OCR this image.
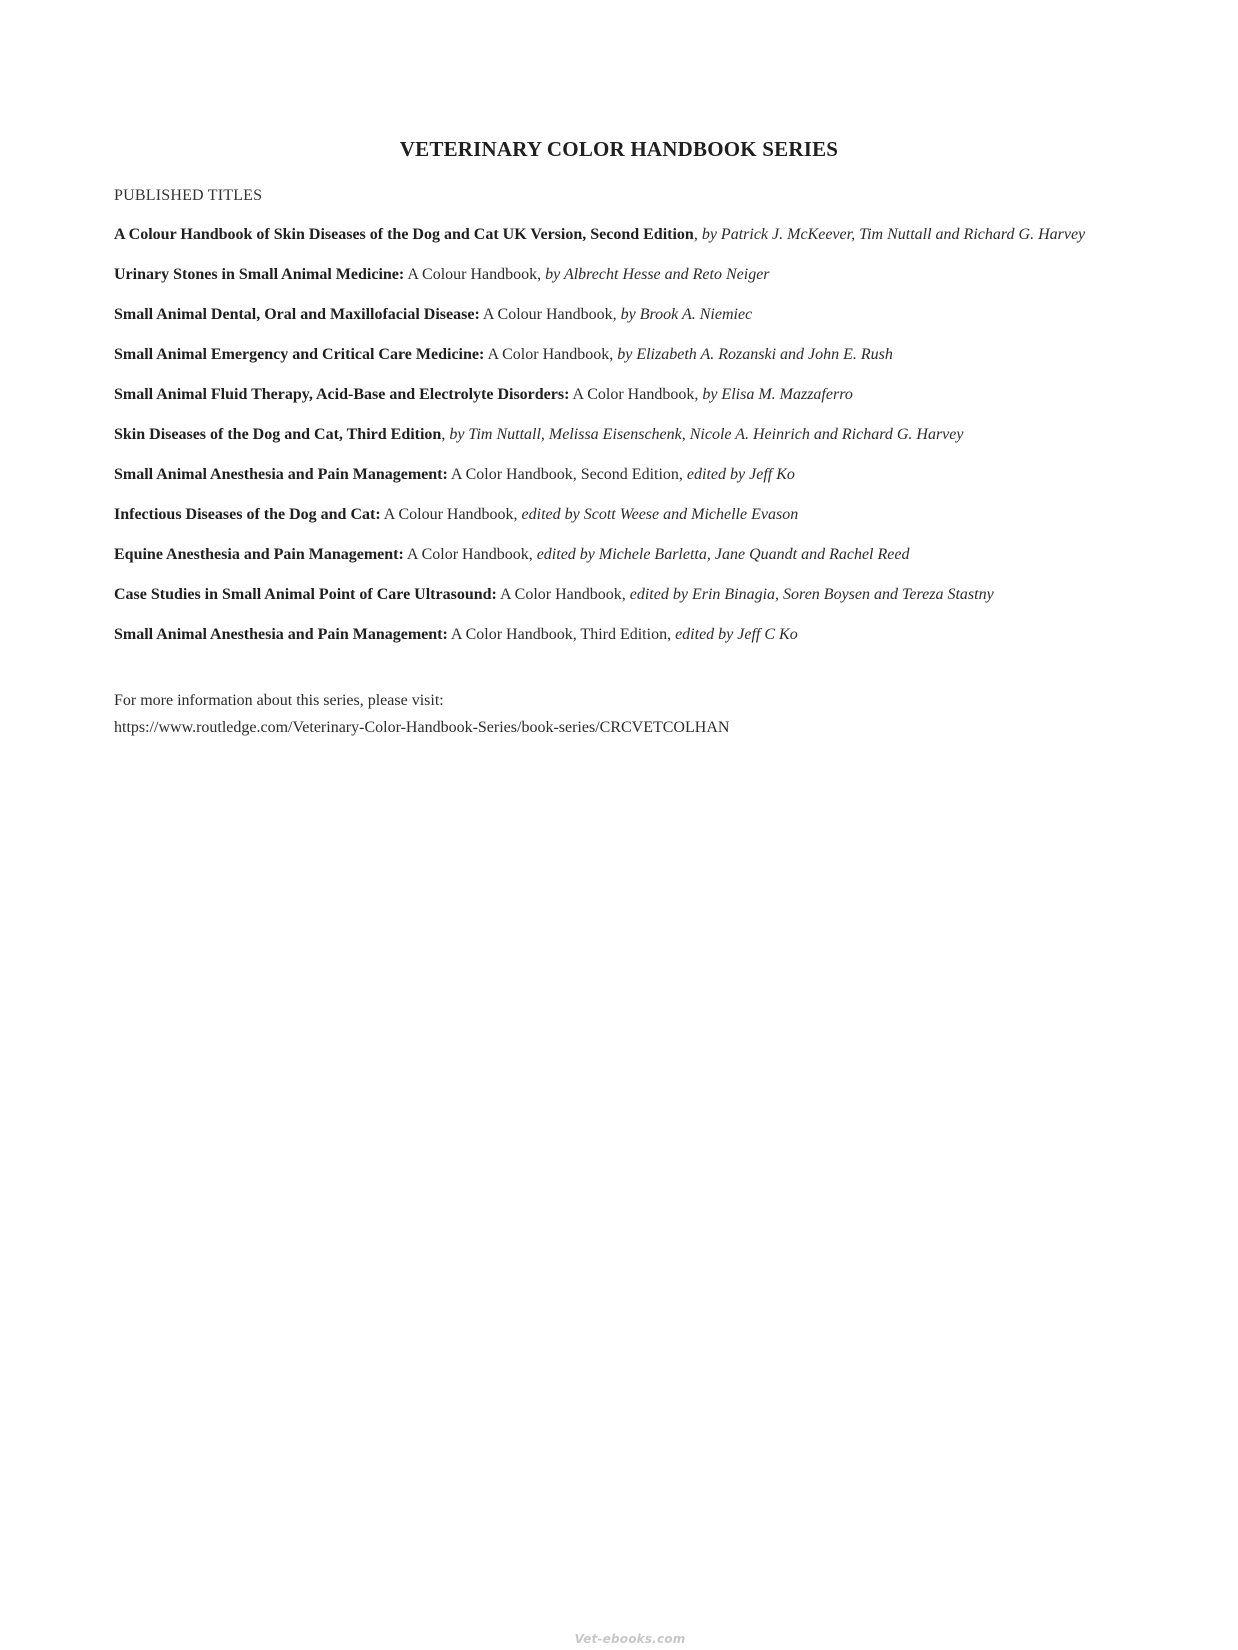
VETERINARY COLOR HANDBOOK SERIES
PUBLISHED TITLES
A Colour Handbook of Skin Diseases of the Dog and Cat UK Version, Second Edition, by Patrick J. McKeever, Tim Nuttall and Richard G. Harvey
Urinary Stones in Small Animal Medicine: A Colour Handbook, by Albrecht Hesse and Reto Neiger
Small Animal Dental, Oral and Maxillofacial Disease: A Colour Handbook, by Brook A. Niemiec
Small Animal Emergency and Critical Care Medicine: A Color Handbook, by Elizabeth A. Rozanski and John E. Rush
Small Animal Fluid Therapy, Acid-Base and Electrolyte Disorders: A Color Handbook, by Elisa M. Mazzaferro
Skin Diseases of the Dog and Cat, Third Edition, by Tim Nuttall, Melissa Eisenschenk, Nicole A. Heinrich and Richard G. Harvey
Small Animal Anesthesia and Pain Management: A Color Handbook, Second Edition, edited by Jeff Ko
Infectious Diseases of the Dog and Cat: A Colour Handbook, edited by Scott Weese and Michelle Evason
Equine Anesthesia and Pain Management: A Color Handbook, edited by Michele Barletta, Jane Quandt and Rachel Reed
Case Studies in Small Animal Point of Care Ultrasound: A Color Handbook, edited by Erin Binagia, Soren Boysen and Tereza Stastny
Small Animal Anesthesia and Pain Management: A Color Handbook, Third Edition, edited by Jeff C Ko
For more information about this series, please visit:
https://www.routledge.com/Veterinary-Color-Handbook-Series/book-series/CRCVETCOLHAN
Vet-ebooks.com
